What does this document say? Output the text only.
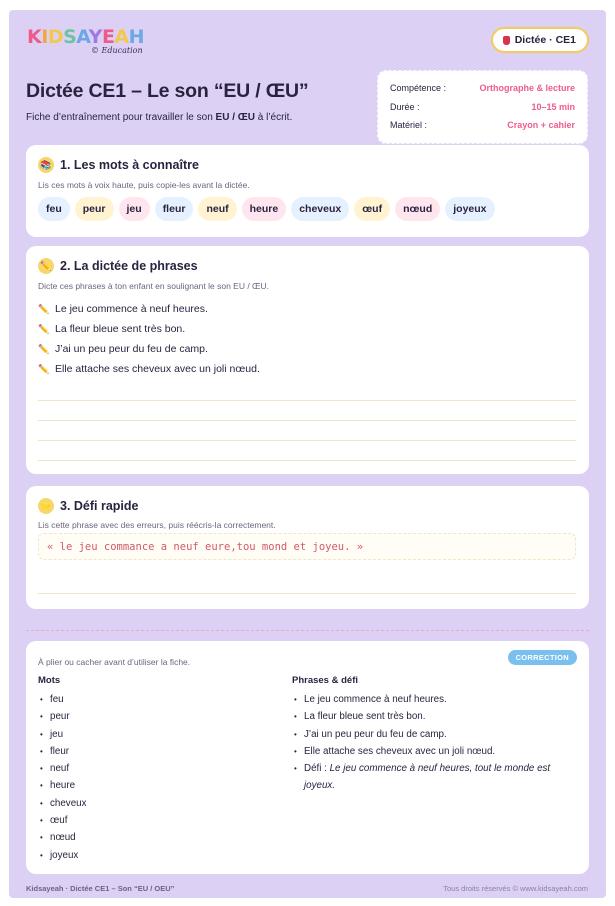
KIDSAYEAH
© Education
Dictée · CE1
Dictée CE1 – Le son “EU / ŒU”
Fiche d’entraînement pour travailler le son EU / ŒU à l’écrit.
Compétence :	Orthographe & lecture
Durée :	10–15 min
Matériel :	Crayon + cahier
📚 1. Les mots à connaître
Lis ces mots à voix haute, puis copie-les avant la dictée.
feu	peur	jeu	fleur	neuf	heure	cheveux	œuf	nœud	joyeux
✏️ 2. La dictée de phrases
Dicte ces phrases à ton enfant en soulignant le son EU / ŒU.
✏️ Le jeu commence à neuf heures.
✏️ La fleur bleue sent très bon.
✏️ J’ai un peu peur du feu de camp.
✏️ Elle attache ses cheveux avec un joli nœud.
⭐ 3. Défi rapide
Lis cette phrase avec des erreurs, puis réécris-la correctement.
« le jeu commance a neuf eure,tou mond et joyeu. »
À plier ou cacher avant d’utiliser la fiche.	CORRECTION
Mots
• feu
• peur
• jeu
• fleur
• neuf
• heure
• cheveux
• œuf
• nœud
• joyeux
Phrases & défi
• Le jeu commence à neuf heures.
• La fleur bleue sent très bon.
• J’ai un peu peur du feu de camp.
• Elle attache ses cheveux avec un joli nœud.
• Défi : Le jeu commence à neuf heures, tout le monde est joyeux.
Kidsayeah · Dictée CE1 – Son “EU / OEU”	Tous droits réservés © www.kidsayeah.com
